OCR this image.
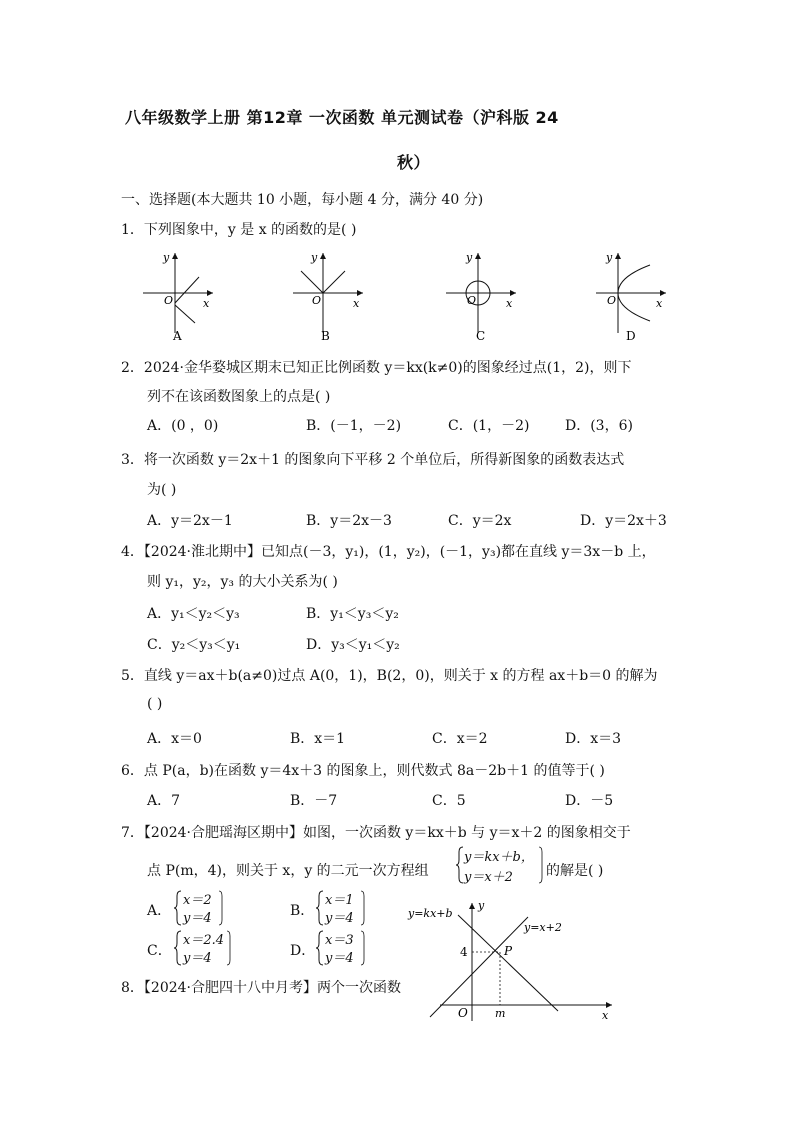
八年级数学上册 第12章 一次函数 单元测试卷（沪科版 24
秋）
一、选择题(本大题共 10 小题，每小题 4 分，满分 40 分)
1．下列图象中，y 是 x 的函数的是( )
y
x
O
A
y
x
O
B
y
x
O
C
y
x
O
D
2．2024·金华婺城区期末已知正比例函数 y＝kx(k≠0)的图象经过点(1，2)，则下
列不在该函数图象上的点是( )
A．(0 ，0)	B．(－1，－2)	C．(1，－2)	D．(3，6)
3．将一次函数 y＝2x＋1 的图象向下平移 2 个单位后，所得新图象的函数表达式
为( )
A．y＝2x－1	B．y＝2x－3	C．y＝2x	D．y＝2x＋3
4．【2024·淮北期中】已知点(－3，y₁)，(1，y₂)，(－1，y₃)都在直线 y＝3x－b 上，
则 y₁，y₂，y₃ 的大小关系为( )
A．y₁＜y₂＜y₃	B．y₁＜y₃＜y₂
C．y₂＜y₃＜y₁	D．y₃＜y₁＜y₂
5．直线 y＝ax＋b(a≠0)过点 A(0，1)，B(2，0)，则关于 x 的方程 ax＋b＝0 的解为
( )
A．x＝0	B．x＝1	C．x＝2	D．x＝3
6．点 P(a，b)在函数 y＝4x＋3 的图象上，则代数式 8a－2b＋1 的值等于( )
A．7	B．－7	C．5	D．－5
7．【2024·合肥瑶海区期中】如图，一次函数 y＝kx＋b 与 y＝x＋2 的图象相交于
点 P(m，4)，则关于 x，y 的二元一次方程组
y＝kx＋b，
y＝x＋2 的解是( )
A．
x＝2
y＝4	B．
x＝1
y＝4
C．
x＝2.4
y＝4	D．
x＝3
y＝4
y=kx+b
y=x+2
y
x
O
4
m
P
8．【2024·合肥四十八中月考】两个一次函数
